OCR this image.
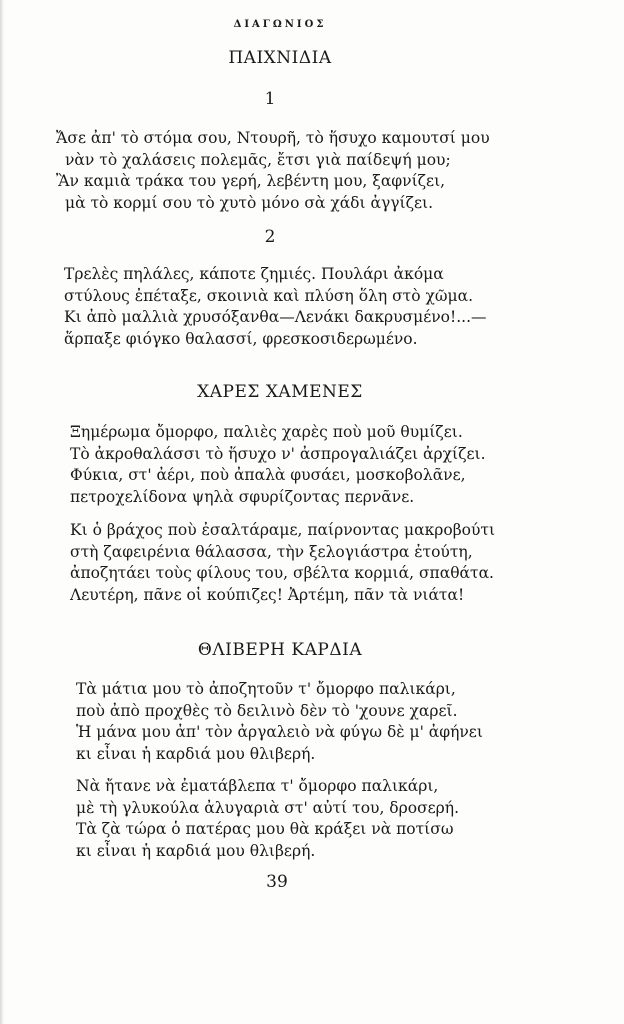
ΔΙΑΓΩΝΙΟΣ
ΠΑΙΧΝΙΔΙΑ
1
Ἄσε ἀπ' τὸ στόμα σου, Ντουρῆ, τὸ ἥσυχο καμουτσί μου
νὰν τὸ χαλάσεις πολεμᾶς, ἔτσι γιὰ παίδεψή μου;
Ἂν καμιὰ τράκα του γερή, λεβέντη μου, ξαφνίζει,
μὰ τὸ κορμί σου τὸ χυτὸ μόνο σὰ χάδι ἀγγίζει.
2
Τρελὲς πηλάλες, κάποτε ζημιές. Πουλάρι ἀκόμα
στύλους ἐπέταξε, σκοινιὰ καὶ πλύση ὅλη στὸ χῶμα.
Κι ἀπὸ μαλλιὰ χρυσόξανθα—Λενάκι δακρυσμένο!...—
ἅρπαξε φιόγκο θαλασσί, φρεσκοσιδερωμένο.
ΧΑΡΕΣ ΧΑΜΕΝΕΣ
Ξημέρωμα ὄμορφο, παλιὲς χαρὲς ποὺ μοῦ θυμίζει.
Τὸ ἀκροθαλάσσι τὸ ἥσυχο ν' ἀσπρογαλιάζει ἀρχίζει.
Φύκια, στ' ἀέρι, ποὺ ἀπαλὰ φυσάει, μοσκοβολᾶνε,
πετροχελίδονα ψηλὰ σφυρίζοντας περνᾶνε.
Κι ὁ βράχος ποὺ ἐσαλτάραμε, παίρνοντας μακροβούτι
στὴ ζαφειρένια θάλασσα, τὴν ξελογιάστρα ἐτούτη,
ἀποζητάει τοὺς φίλους του, σβέλτα κορμιά, σπαθάτα.
Λευτέρη, πᾶνε οἱ κούπιζες! Ἀρτέμη, πᾶν τὰ νιάτα!
ΘΛΙΒΕΡΗ ΚΑΡΔΙΑ
Τὰ μάτια μου τὸ ἀποζητοῦν τ' ὄμορφο παλικάρι,
ποὺ ἀπὸ προχθὲς τὸ δειλινὸ δὲν τὸ 'χουνε χαρεῖ.
Ἡ μάνα μου ἀπ' τὸν ἀργαλειὸ νὰ φύγω δὲ μ' ἀφήνει
κι εἶναι ἡ καρδιά μου θλιβερή.
Νὰ ἤτανε νὰ ἐματάβλεπα τ' ὄμορφο παλικάρι,
μὲ τὴ γλυκούλα ἀλυγαριὰ στ' αὐτί του, δροσερή.
Τὰ ζὰ τώρα ὁ πατέρας μου θὰ κράξει νὰ ποτίσω
κι εἶναι ἡ καρδιά μου θλιβερή.
39
